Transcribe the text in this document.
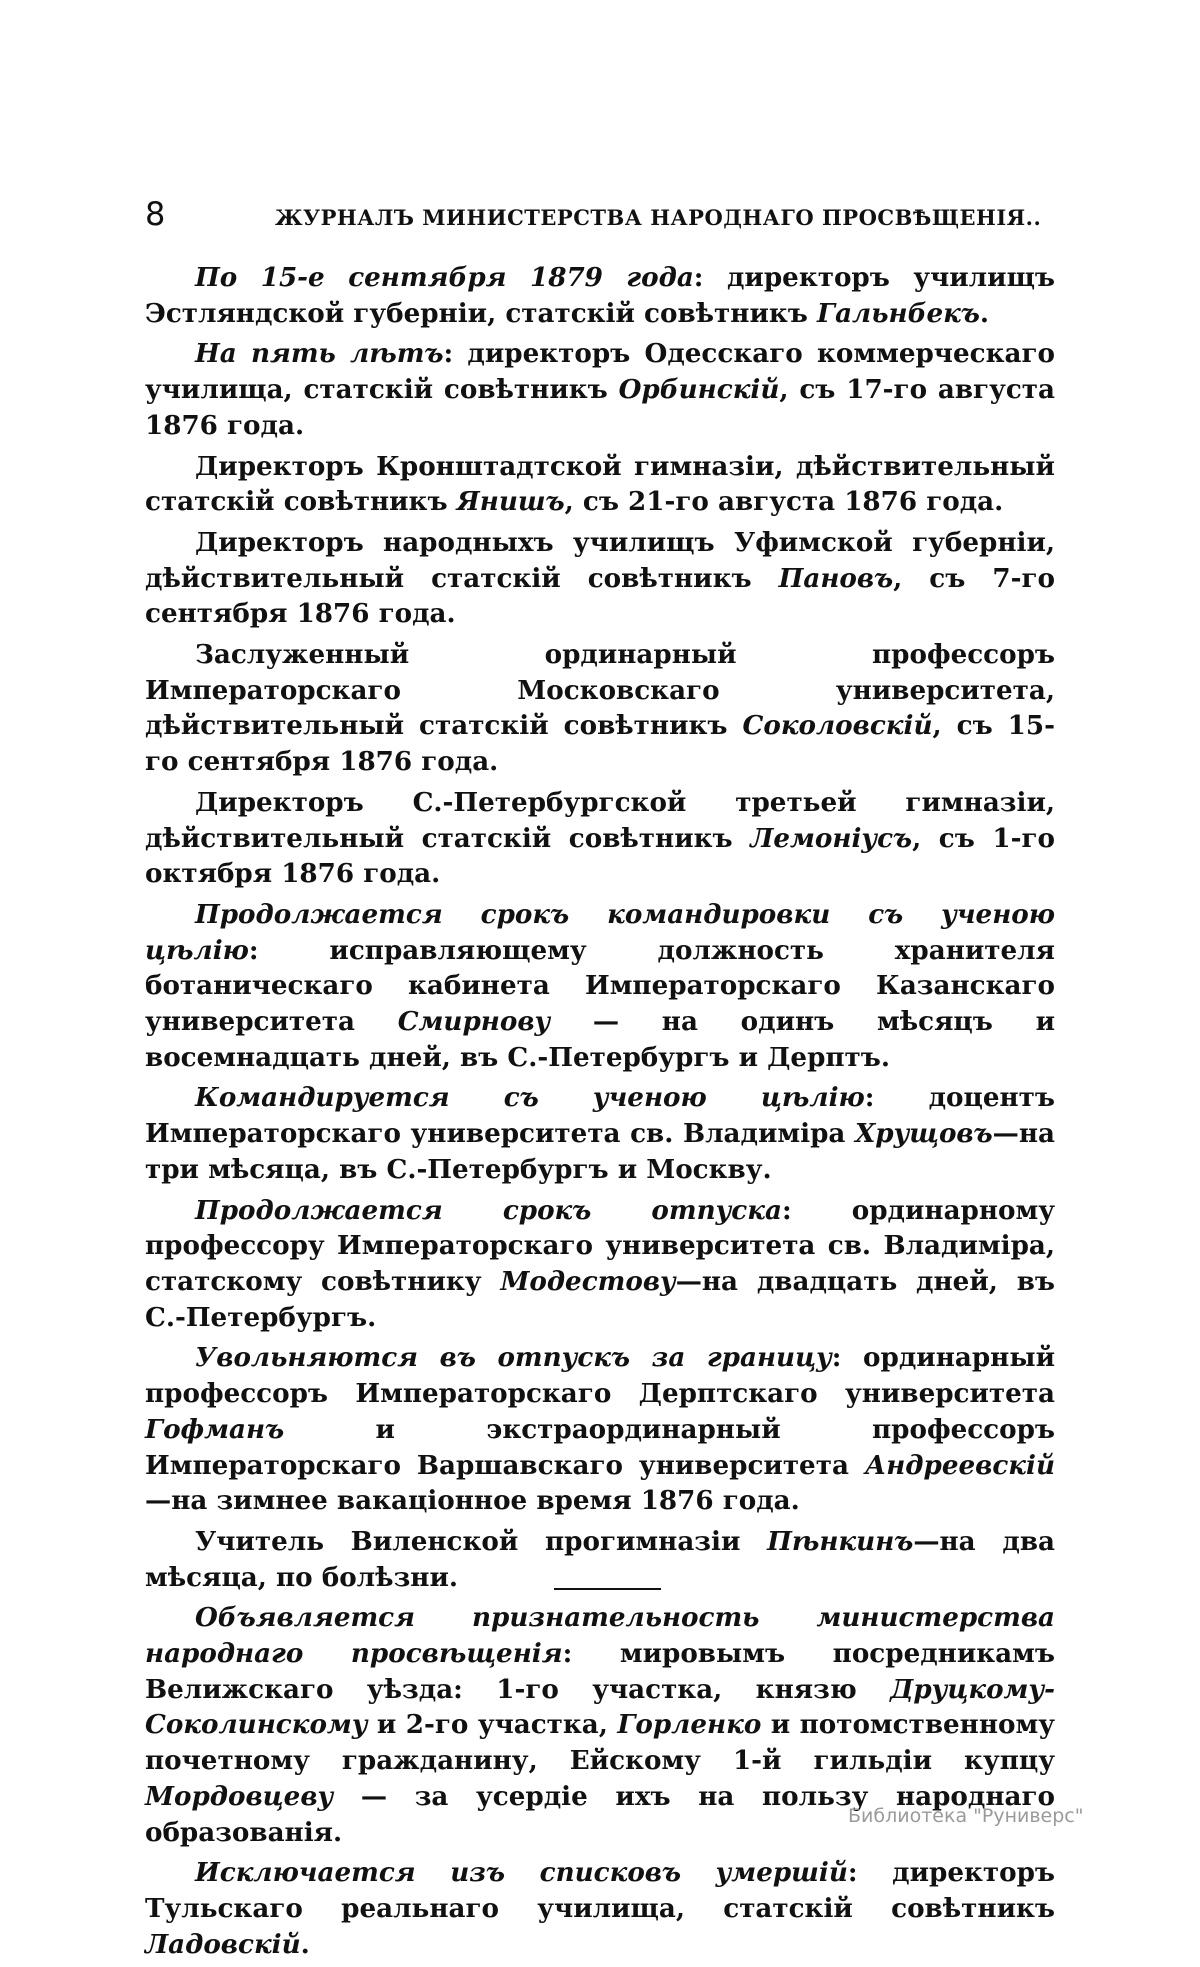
8	ЖУРНАЛЪ МИНИСТЕРСТВА НАРОДНАГО ПРОСВѢЩЕНІЯ..

По 15-е сентября 1879 года: директоръ училищъ Эстляндской губерніи, статскій совѣтникъ Гальнбекъ.

На пять лѣтъ: директоръ Одесскаго коммерческаго училища, статскій совѣтникъ Орбинскій, съ 17-го августа 1876 года.

Директоръ Кронштадтской гимназіи, дѣйствительный статскій совѣтникъ Янишъ, съ 21-го августа 1876 года.

Директоръ народныхъ училищъ Уфимской губерніи, дѣйствительный статскій совѣтникъ Пановъ, съ 7-го сентября 1876 года.

Заслуженный ординарный профессоръ Императорскаго Московскаго университета, дѣйствительный статскій совѣтникъ Соколовскій, съ 15-го сентября 1876 года.

Директоръ С.-Петербургской третьей гимназіи, дѣйствительный статскій совѣтникъ Лемоніусъ, съ 1-го октября 1876 года.

Продолжается срокъ командировки съ ученою цѣлію: исправляющему должность хранителя ботаническаго кабинета Императорскаго Казанскаго университета Смирнову — на одинъ мѣсяцъ и восемнадцать дней, въ С.-Петербургъ и Дерптъ.

Командируется съ ученою цѣлію: доцентъ Императорскаго университета св. Владиміра Хрущовъ—на три мѣсяца, въ С.-Петербургъ и Москву.

Продолжается срокъ отпуска: ординарному профессору Императорскаго университета св. Владиміра, статскому совѣтнику Модестову—на двадцать дней, въ С.-Петербургъ.

Увольняются въ отпускъ за границу: ординарный профессоръ Императорскаго Дерптскаго университета Гофманъ и экстраординарный профессоръ Императорскаго Варшавскаго университета Андреевскій—на зимнее вакаціонное время 1876 года.

Учитель Виленской прогимназіи Пѣнкинъ—на два мѣсяца, по болѣзни.

Объявляется признательность министерства народнаго просвѣщенія: мировымъ посредникамъ Велижскаго уѣзда: 1-го участка, князю Друцкому-Соколинскому и 2-го участка, Горленко и потомственному почетному гражданину, Ейскому 1-й гильдіи купцу Мордовцеву — за усердіе ихъ на пользу народнаго образованія.

Исключается изъ списковъ умершій: директоръ Тульскаго реальнаго училища, статскій совѣтникъ Ладовскій.

Библиотека "Руниверс"
